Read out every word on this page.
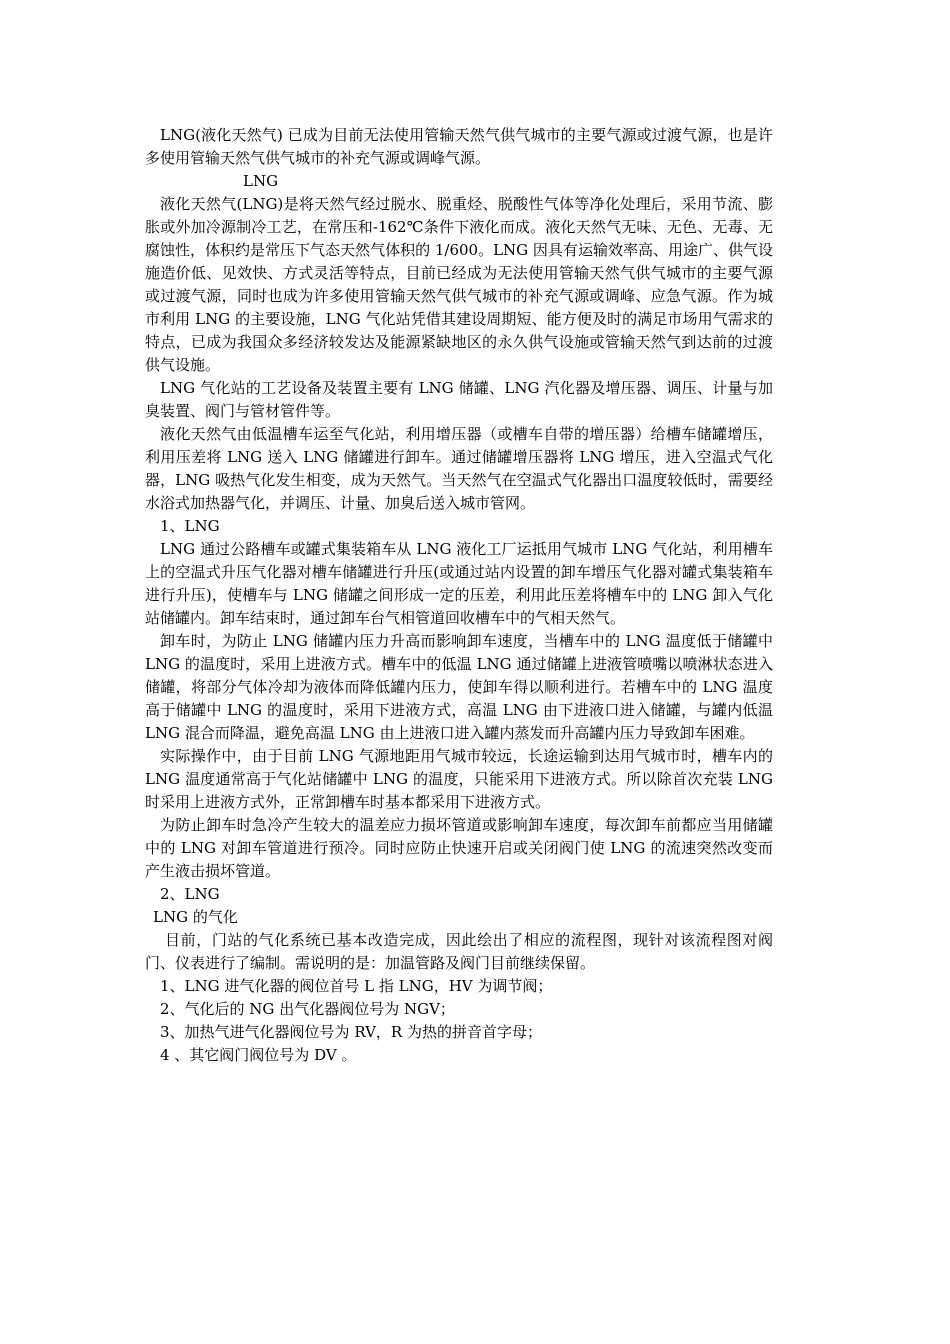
LNG(液化天然气) 已成为目前无法使用管输天然气供气城市的主要气源或过渡气源，也是许多使用管输天然气供气城市的补充气源或调峰气源。

LNG

液化天然气(LNG)是将天然气经过脱水、脱重烃、脱酸性气体等净化处理后，采用节流、膨胀或外加冷源制冷工艺，在常压和-162℃条件下液化而成。液化天然气无味、无色、无毒、无腐蚀性，体积约是常压下气态天然气体积的 1/600。LNG 因具有运输效率高、用途广、供气设施造价低、见效快、方式灵活等特点，目前已经成为无法使用管输天然气供气城市的主要气源或过渡气源，同时也成为许多使用管输天然气供气城市的补充气源或调峰、应急气源。作为城市利用 LNG 的主要设施，LNG 气化站凭借其建设周期短、能方便及时的满足市场用气需求的特点，已成为我国众多经济较发达及能源紧缺地区的永久供气设施或管输天然气到达前的过渡供气设施。

LNG 气化站的工艺设备及装置主要有 LNG 储罐、LNG 汽化器及增压器、调压、计量与加臭装置、阀门与管材管件等。

液化天然气由低温槽车运至气化站，利用增压器（或槽车自带的增压器）给槽车储罐增压，利用压差将 LNG 送入 LNG 储罐进行卸车。通过储罐增压器将 LNG 增压，进入空温式气化器，LNG 吸热气化发生相变，成为天然气。当天然气在空温式气化器出口温度较低时，需要经水浴式加热器气化，并调压、计量、加臭后送入城市管网。

1、LNG

LNG 通过公路槽车或罐式集装箱车从 LNG 液化工厂运抵用气城市 LNG 气化站，利用槽车上的空温式升压气化器对槽车储罐进行升压(或通过站内设置的卸车增压气化器对罐式集装箱车进行升压)，使槽车与 LNG 储罐之间形成一定的压差，利用此压差将槽车中的 LNG 卸入气化站储罐内。卸车结束时，通过卸车台气相管道回收槽车中的气相天然气。

卸车时，为防止 LNG 储罐内压力升高而影响卸车速度，当槽车中的 LNG 温度低于储罐中 LNG 的温度时，采用上进液方式。槽车中的低温 LNG 通过储罐上进液管喷嘴以喷淋状态进入储罐，将部分气体冷却为液体而降低罐内压力，使卸车得以顺利进行。若槽车中的 LNG 温度高于储罐中 LNG 的温度时，采用下进液方式，高温 LNG 由下进液口进入储罐，与罐内低温 LNG 混合而降温，避免高温 LNG 由上进液口进入罐内蒸发而升高罐内压力导致卸车困难。

实际操作中，由于目前 LNG 气源地距用气城市较远，长途运输到达用气城市时，槽车内的 LNG 温度通常高于气化站储罐中 LNG 的温度，只能采用下进液方式。所以除首次充装 LNG 时采用上进液方式外，正常卸槽车时基本都采用下进液方式。

为防止卸车时急冷产生较大的温差应力损坏管道或影响卸车速度，每次卸车前都应当用储罐中的 LNG 对卸车管道进行预冷。同时应防止快速开启或关闭阀门使 LNG 的流速突然改变而产生液击损坏管道。

2、LNG

LNG 的气化

目前，门站的气化系统已基本改造完成，因此绘出了相应的流程图，现针对该流程图对阀门、仪表进行了编制。需说明的是：加温管路及阀门目前继续保留。

1、LNG 进气化器的阀位首号 L 指 LNG，HV 为调节阀；

2、气化后的 NG 出气化器阀位号为 NGV；

3、加热气进气化器阀位号为 RV，R 为热的拼音首字母；

4 、其它阀门阀位号为 DV 。
